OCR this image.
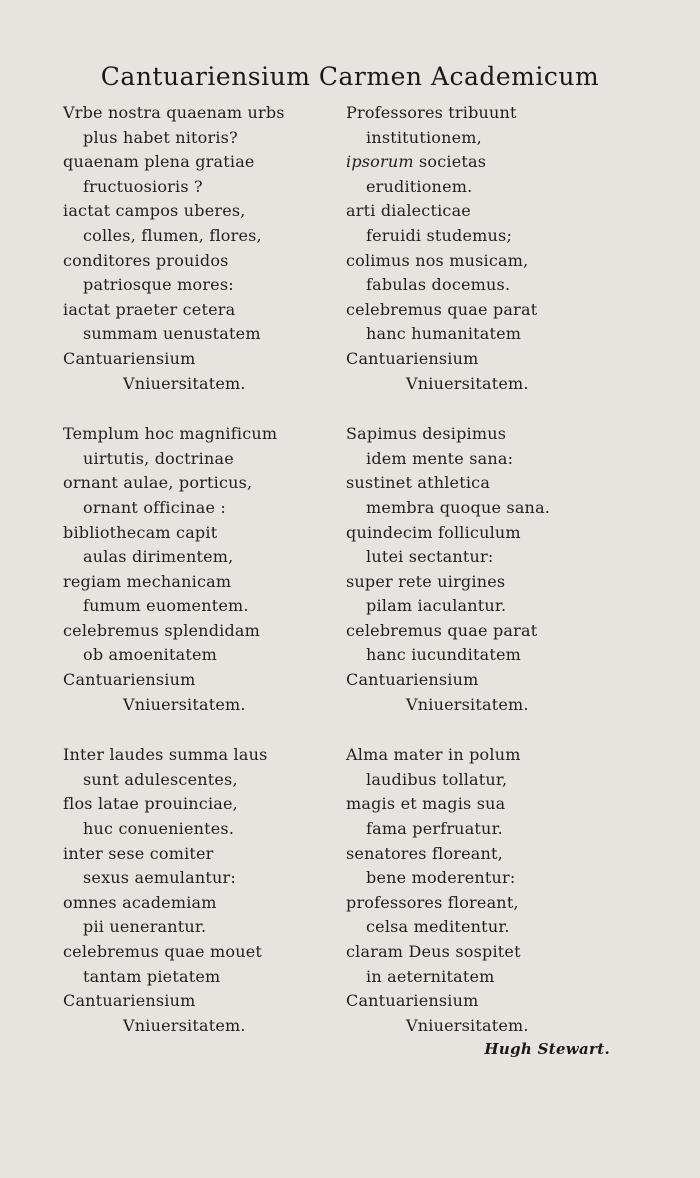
Cantuariensium Carmen Academicum
Vrbe nostra quaenam urbs
plus habet nitoris?
quaenam plena gratiae
fructuosioris ?
iactat campos uberes,
colles, flumen, flores,
conditores prouidos
patriosque mores:
iactat praeter cetera
summam uenustatem
Cantuariensium
Vniuersitatem.
Templum hoc magnificum
uirtutis, doctrinae
ornant aulae, porticus,
ornant officinae :
bibliothecam capit
aulas dirimentem,
regiam mechanicam
fumum euomentem.
celebremus splendidam
ob amoenitatem
Cantuariensium
Vniuersitatem.
Inter laudes summa laus
sunt adulescentes,
flos latae prouinciae,
huc conuenientes.
inter sese comiter
sexus aemulantur:
omnes academiam
pii uenerantur.
celebremus quae mouet
tantam pietatem
Cantuariensium
Vniuersitatem.
Professores tribuunt
institutionem,
ipsorum societas
eruditionem.
arti dialecticae
feruidi studemus;
colimus nos musicam,
fabulas docemus.
celebremus quae parat
hanc humanitatem
Cantuariensium
Vniuersitatem.
Sapimus desipimus
idem mente sana:
sustinet athletica
membra quoque sana.
quindecim folliculum
lutei sectantur:
super rete uirgines
pilam iaculantur.
celebremus quae parat
hanc iucunditatem
Cantuariensium
Vniuersitatem.
Alma mater in polum
laudibus tollatur,
magis et magis sua
fama perfruatur.
senatores floreant,
bene moderentur:
professores floreant,
celsa meditentur.
claram Deus sospitet
in aeternitatem
Cantuariensium
Vniuersitatem.
Hugh Stewart.
